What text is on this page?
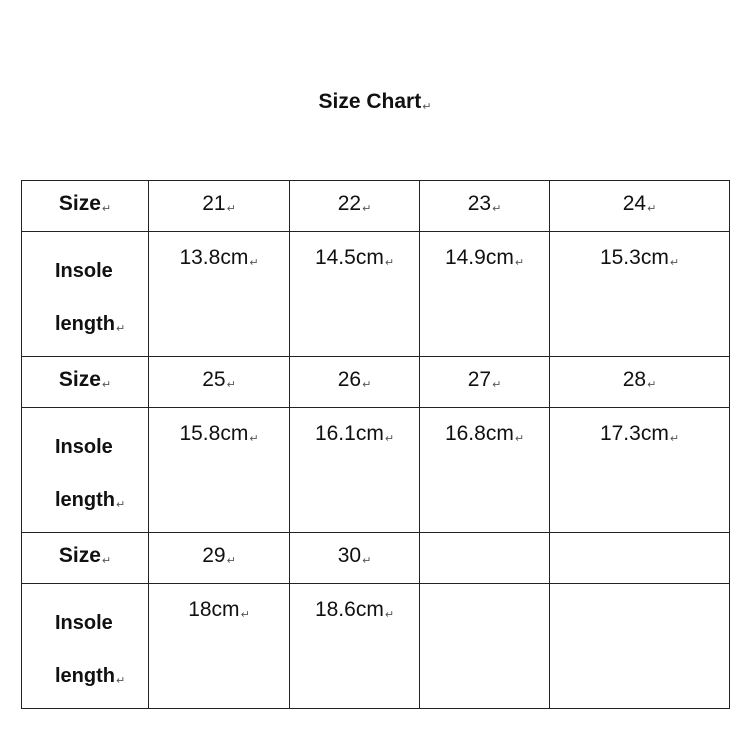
Size Chart↵
Size↵	21↵	22↵	23↵	24↵

Insole
length↵	13.8cm↵	14.5cm↵	14.9cm↵	15.3cm↵
Size↵	25↵	26↵	27↵	28↵

Insole
length↵	15.8cm↵	16.1cm↵	16.8cm↵	17.3cm↵
Size↵	29↵	30↵		

Insole
length↵	18cm↵	18.6cm↵		
